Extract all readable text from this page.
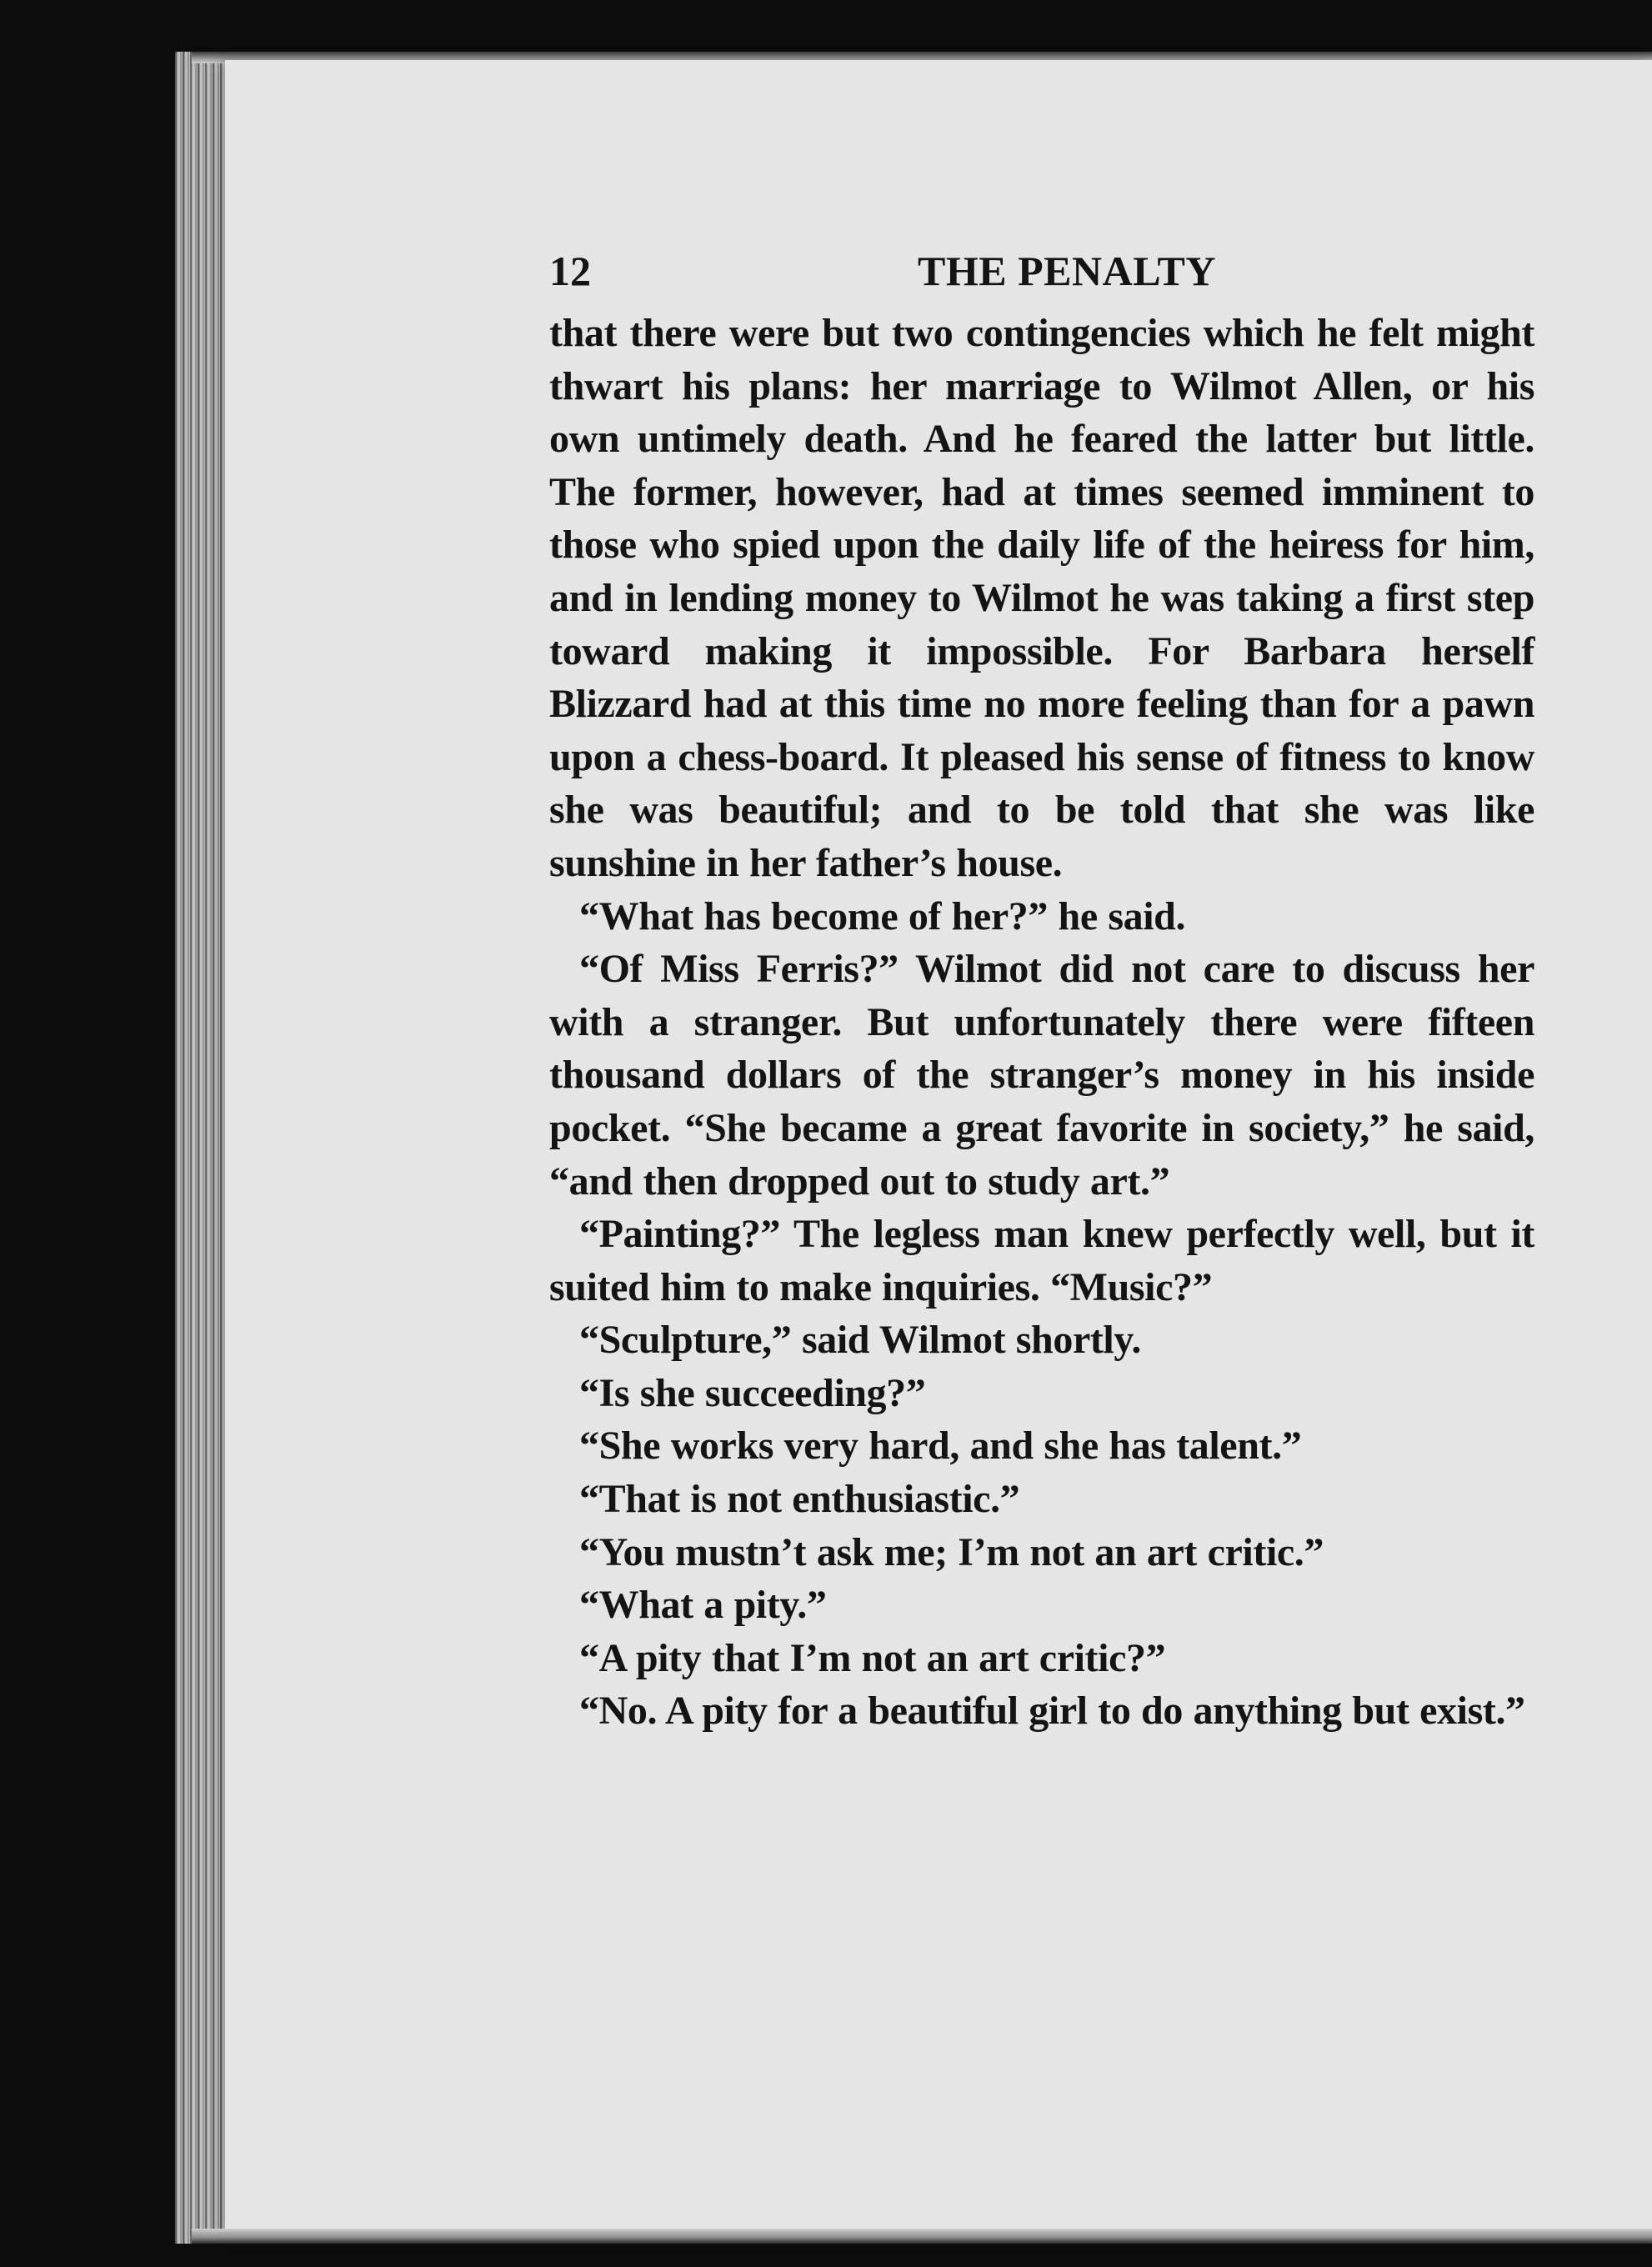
12	THE PENALTY

that there were but two contingencies which he felt might thwart his plans: her marriage to Wilmot Allen, or his own untimely death. And he feared the latter but little. The former, however, had at times seemed imminent to those who spied upon the daily life of the heiress for him, and in lending money to Wilmot he was taking a first step toward making it impossible. For Barbara herself Blizzard had at this time no more feeling than for a pawn upon a chess-board. It pleased his sense of fitness to know she was beautiful; and to be told that she was like sunshine in her father’s house.

“What has become of her?” he said.

“Of Miss Ferris?” Wilmot did not care to discuss her with a stranger. But unfortunately there were fifteen thousand dollars of the stranger’s money in his inside pocket. “She became a great favorite in society,” he said, “and then dropped out to study art.”

“Painting?” The legless man knew perfectly well, but it suited him to make inquiries. “Music?”

“Sculpture,” said Wilmot shortly.

“Is she succeeding?”

“She works very hard, and she has talent.”

“That is not enthusiastic.”

“You mustn’t ask me; I’m not an art critic.”

“What a pity.”

“A pity that I’m not an art critic?”

“No. A pity for a beautiful girl to do anything but exist.”
